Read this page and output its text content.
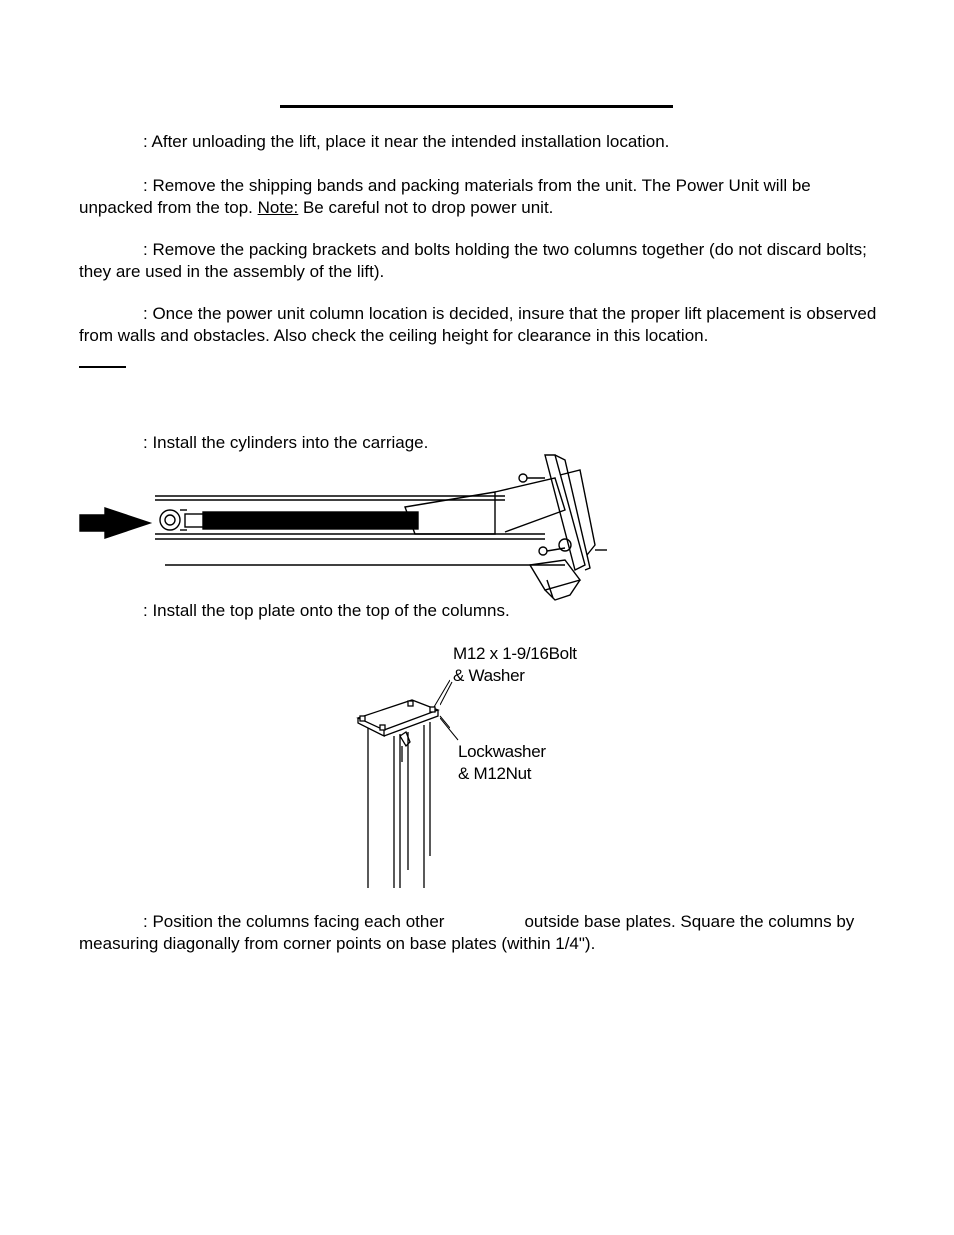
: After unloading the lift, place it near the intended installation location.

: Remove the shipping bands and packing materials from the unit. The Power Unit will be unpacked from the top. Note: Be careful not to drop power unit.

: Remove the packing brackets and bolts holding the two columns together (do not discard bolts; they are used in the assembly of the lift).

: Once the power unit column location is decided, insure that the proper lift placement is observed from walls and obstacles. Also check the ceiling height for clearance in this location.

: Install the cylinders into the carriage.

: Install the top plate onto the top of the columns.

M12 x 1-9/16Bolt
& Washer
Lockwasher
& M12Nut

: Position the columns facing each other	outside base plates. Square the columns by measuring diagonally from corner points on base plates (within 1/4").
